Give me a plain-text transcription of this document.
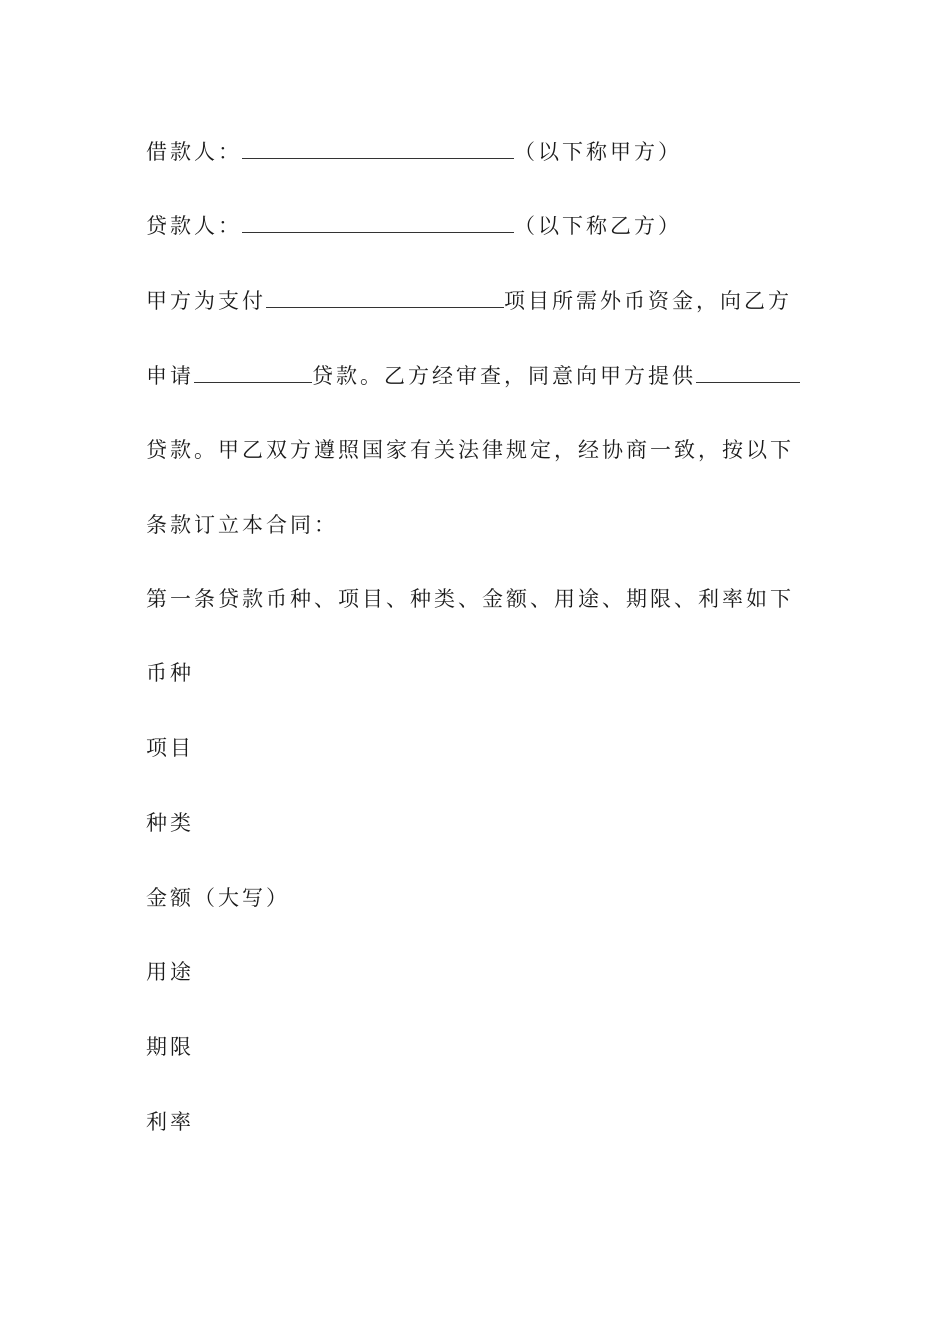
借款人：	（以下称甲方）
贷款人：	（以下称乙方）
甲方为支付	项目所需外币资金，向乙方
申请	贷款。乙方经审查，同意向甲方提供
贷款。甲乙双方遵照国家有关法律规定，经协商一致，按以下
条款订立本合同：
第一条贷款币种、项目、种类、金额、用途、期限、利率如下
币种
项目
种类
金额（大写）
用途
期限
利率
